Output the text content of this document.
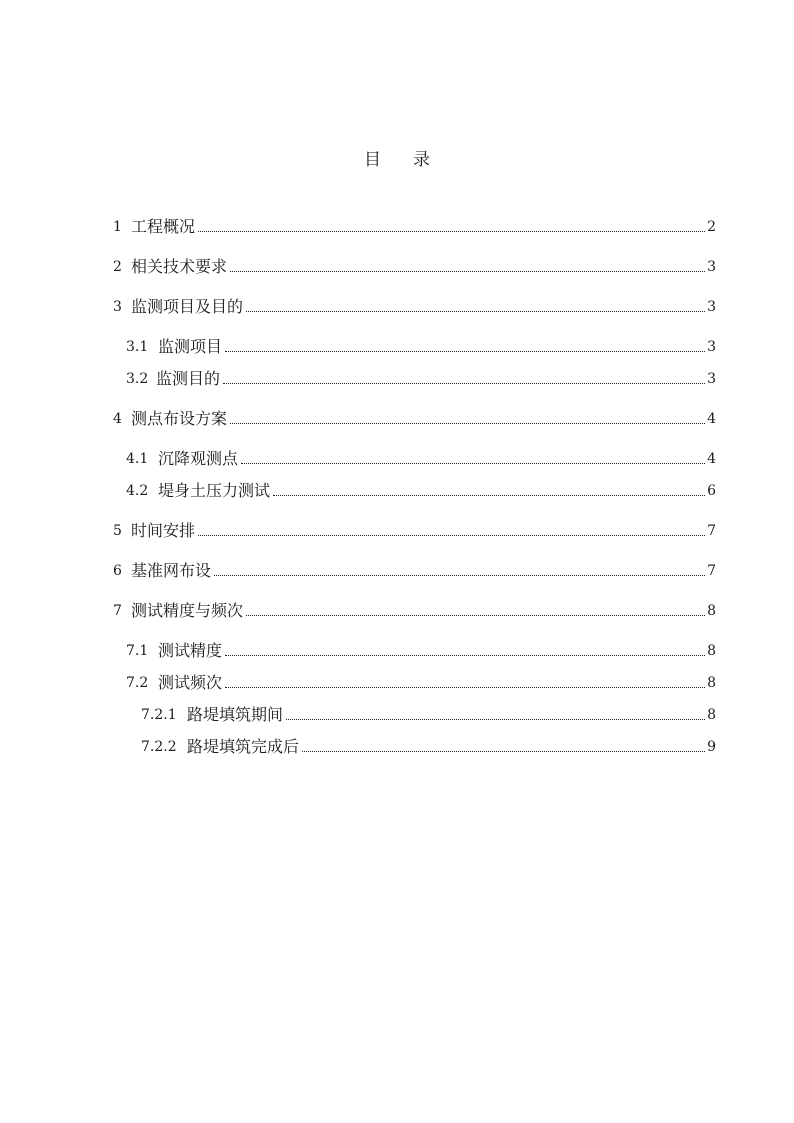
目 录
1 工程概况	2
2 相关技术要求	3
3 监测项目及目的	3
3.1 监测项目	3
3.2 监测目的	3
4 测点布设方案	4
4.1 沉降观测点	4
4.2 堤身土压力测试	6
5 时间安排	7
6 基准网布设	7
7 测试精度与频次	8
7.1 测试精度	8
7.2 测试频次	8
7.2.1 路堤填筑期间	8
7.2.2 路堤填筑完成后	9
